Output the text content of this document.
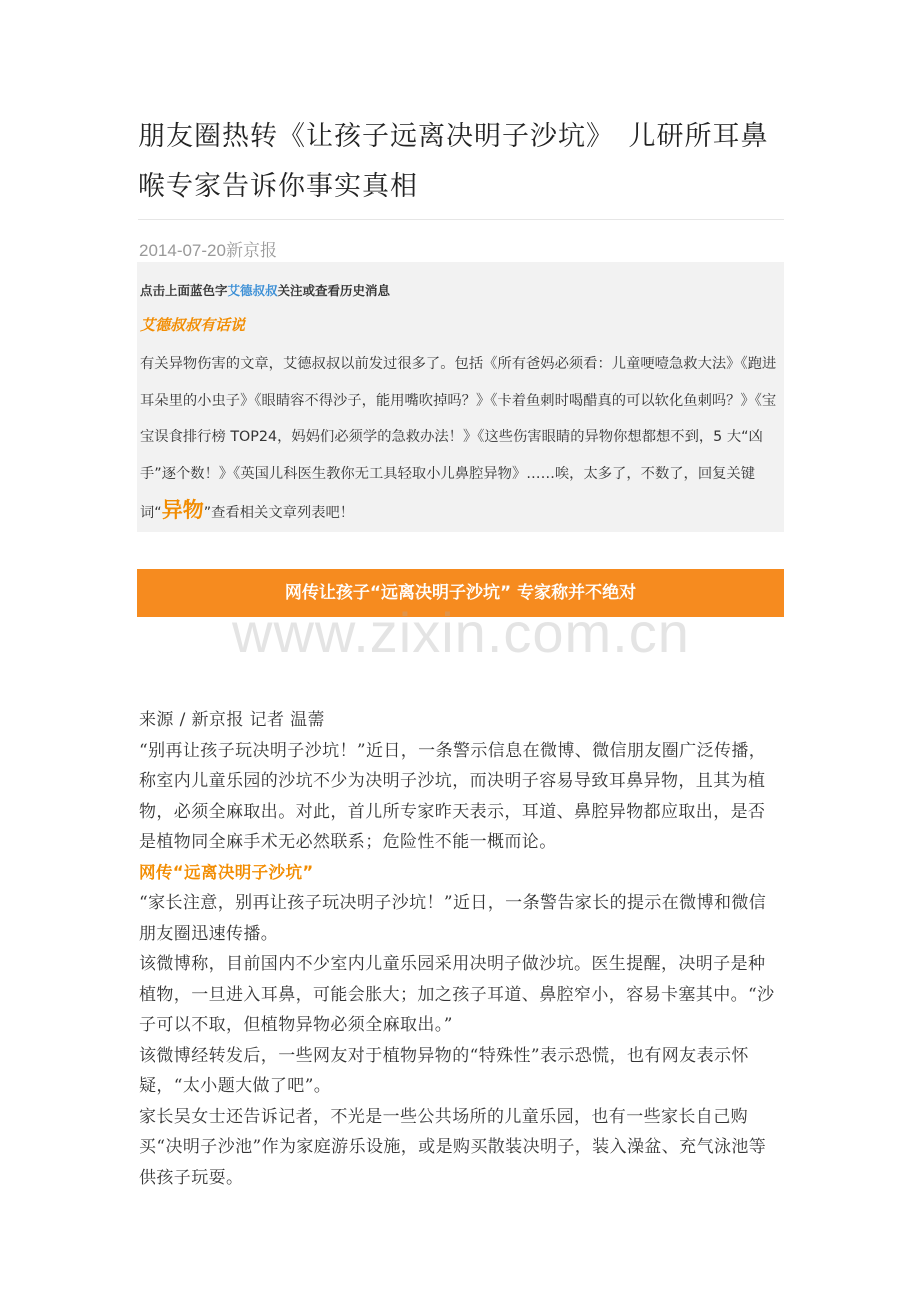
朋友圈热转《让孩子远离决明子沙坑》　儿研所耳鼻喉专家告诉你事实真相
2014-07-20新京报

点击上面蓝色字艾德叔叔关注或查看历史消息

艾德叔叔有话说

有关异物伤害的文章，艾德叔叔以前发过很多了。包括《所有爸妈必须看：儿童哽噎急救大法》《跑进耳朵里的小虫子》《眼睛容不得沙子，能用嘴吹掉吗？》《卡着鱼刺时喝醋真的可以软化鱼刺吗？》《宝宝误食排行榜 TOP24，妈妈们必须学的急救办法！》《这些伤害眼睛的异物你想都想不到，5 大“凶手”逐个数！》《英国儿科医生教你无工具轻取小儿鼻腔异物》……唉，太多了，不数了，回复关键词“异物”查看相关文章列表吧！

网传让孩子“远离决明子沙坑” 专家称并不绝对
www.zixin.com.cn

来源 / 新京报 记者 温薷

“别再让孩子玩决明子沙坑！”近日，一条警示信息在微博、微信朋友圈广泛传播，称室内儿童乐园的沙坑不少为决明子沙坑，而决明子容易导致耳鼻异物，且其为植物，必须全麻取出。对此，首儿所专家昨天表示，耳道、鼻腔异物都应取出，是否是植物同全麻手术无必然联系；危险性不能一概而论。

网传“远离决明子沙坑”

“家长注意，别再让孩子玩决明子沙坑！”近日，一条警告家长的提示在微博和微信朋友圈迅速传播。

该微博称，目前国内不少室内儿童乐园采用决明子做沙坑。医生提醒，决明子是种植物，一旦进入耳鼻，可能会胀大；加之孩子耳道、鼻腔窄小，容易卡塞其中。“沙子可以不取，但植物异物必须全麻取出。”

该微博经转发后，一些网友对于植物异物的“特殊性”表示恐慌，也有网友表示怀疑，“太小题大做了吧”。

家长吴女士还告诉记者，不光是一些公共场所的儿童乐园，也有一些家长自己购买“决明子沙池”作为家庭游乐设施，或是购买散装决明子，装入澡盆、充气泳池等供孩子玩耍。
